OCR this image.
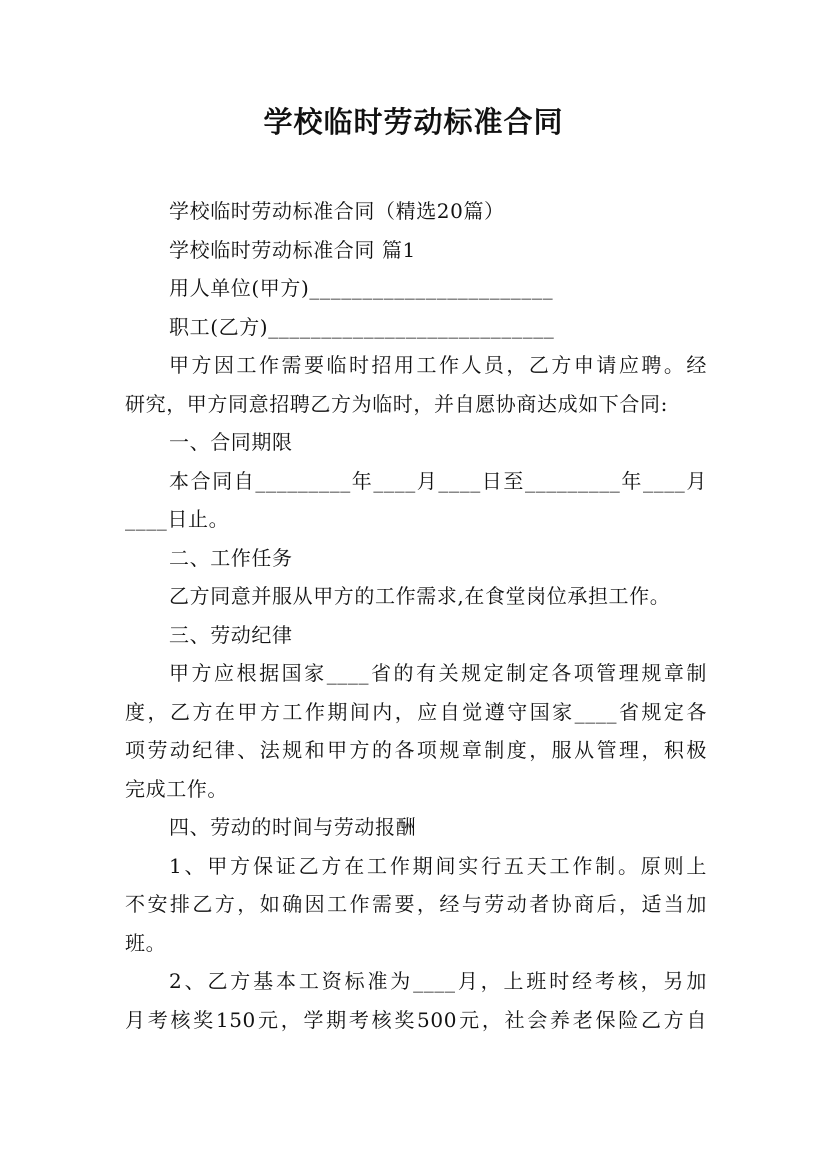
学校临时劳动标准合同
学校临时劳动标准合同（精选20篇）
学校临时劳动标准合同 篇1
用人单位(甲方)_______________________
职工(乙方)___________________________
甲方因工作需要临时招用工作人员，乙方申请应聘。经
研究，甲方同意招聘乙方为临时，并自愿协商达成如下合同:
一、合同期限
本合同自_________年____月____日至_________年____月
____日止。
二、工作任务
乙方同意并服从甲方的工作需求,在食堂岗位承担工作。
三、劳动纪律
甲方应根据国家____省的有关规定制定各项管理规章制
度，乙方在甲方工作期间内，应自觉遵守国家____省规定各
项劳动纪律、法规和甲方的各项规章制度，服从管理，积极
完成工作。
四、劳动的时间与劳动报酬
1、甲方保证乙方在工作期间实行五天工作制。原则上
不安排乙方，如确因工作需要，经与劳动者协商后，适当加
班。
2、乙方基本工资标准为____月，上班时经考核，另加
月考核奖150元，学期考核奖500元，社会养老保险乙方自
